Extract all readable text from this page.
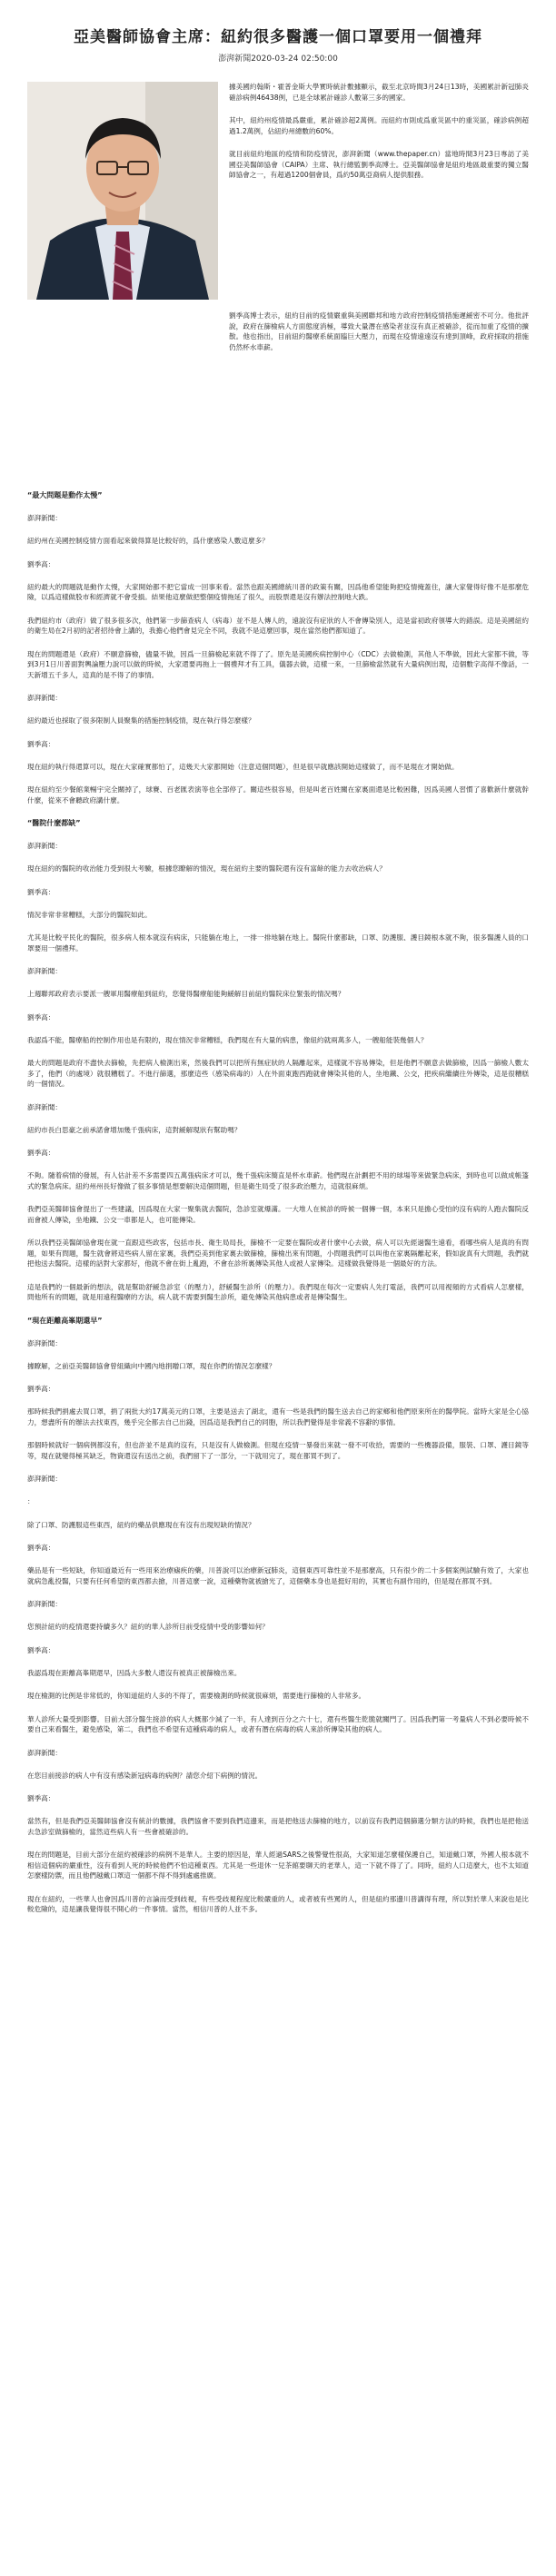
亞美醫師協會主席：紐約很多醫護一個口罩要用一個禮拜
澎湃新聞2020-03-24 02:50:00

據美國約翰斯・霍普金斯大學實時統計數據顯示，截至北京時間3月24日13時，美國累計新冠肺炎確診病例46438例，已是全球累計確診人數第三多的國家。

其中，紐約州疫情最爲嚴重，累計確診超2萬例。而紐約市則成爲重災區中的重災區，確診病例超過1.2萬例，佔紐約州總數的60%。

就目前紐約地區的疫情和防疫情況，澎湃新聞（www.thepaper.cn）當地時間3月23日專訪了美國亞美醫師協會（CAIPA）主席、執行總監劉季高博士。亞美醫師協會是紐約地區最重要的獨立醫師協會之一，有超過1200個會員，爲約50萬亞裔病人提供服務。

劉季高博士表示，紐約目前的疫情嚴重與美國聯邦和地方政府控制疫情措施遲緩密不可分。他批評說，政府在篩檢病人方面態度消極，導致大量潛在感染者並沒有真正被確診，從而加重了疫情的擴散。他也指出，目前紐約醫療系統面臨巨大壓力，而現在疫情遠遠沒有達到頂峰，政府採取的措施仍然杯水車薪。

“最大問題是動作太慢”
澎湃新聞：

紐約州在美國控制疫情方面看起來做得算是比較好的，爲什麼感染人數這麼多？

劉季高：

紐約最大的問題就是動作太慢，大家開始都不把它當成一回事來看。當然也跟美國總統川普的政策有關，因爲他希望能夠把疫情掩蓋住，讓大家覺得好像不是那麼危險，以爲這樣做股市和經濟就不會受損。結果他這麼做把整個疫情拖延了很久，而股票還是沒有辦法控制地大跌。

我們紐約市（政府）做了很多很多次，他們第一步篩查病人（病毒）並不是人傳人的，遠說沒有症狀的人不會傳染別人，這是當初政府領導大的錯誤。這是美國紐約的衛生局在2月初的記者招待會上講的，我擔心他們會見完全不同，我就不是這麼回事，現在當然他們都知道了。

現在的問題還是（政府）不願意篩檢，儘量不做，因爲一旦篩檢起來就不得了了。原先是美國疾病控制中心（CDC）去做檢測，其他人不準做，因此大家都不做，等到3月1日川普面對輿論壓力說可以做的時候，大家還要再拖上一個禮拜才有工具，儀器去做，這樣一來，一旦篩檢當然就有大量病例出現，這個數字高得不像話，一天新增五千多人，這真的是不得了的事情。

澎湃新聞：

紐約最近也採取了很多限制人員聚集的措施控制疫情，現在執行得怎麼樣？

劉季高：

現在紐約執行得還算可以，現在大家確實都怕了，這幾天大家都開始（注意這個問題），但是很早就應該開始這樣做了，而不是現在才開始做。

現在紐約至少餐館業暢宇完全關掉了，球賽、百老匯表演等也全部停了。關這些很容易，但是叫老百姓關在家裏面還是比較困難，因爲美國人習慣了喜歡新什麼就幹什麼，從來不會聽政府講什麼。

“醫院什麼都缺”
澎湃新聞：

現在紐約的醫院的收治能力受到很大考驗，根據您瞭解的情況，現在紐約主要的醫院還有沒有富餘的能力去收治病人？

劉季高：

情況非常非常糟糕，大部分的醫院如此。

尤其是比較平民化的醫院，很多病人根本就沒有病床，只能躺在地上，一排一排地躺在地上。醫院什麼都缺，口罩、防護服、護目鏡根本就不夠，很多醫護人員的口罩要用一個禮拜。

澎湃新聞：

上週聯邦政府表示要派一艘軍用醫療船到紐約，您覺得醫療船能夠緩解目前紐約醫院床位緊張的情況嗎？

劉季高：

我認爲不能，醫療船的控制作用也是有限的，現在情況非常糟糕，我們現在有大量的病患，像紐約就兩萬多人，一艘船能裝幾個人？

最大的問題是政府不盡快去篩檢，先把病人檢測出來，然後我們可以把所有無症狀的人隔離起來，這樣就不容易傳染，但是他們不願意去做篩檢，因爲一篩檢人數太多了，他們（的處境）就很糟糕了。不進行篩選，那麼這些（感染病毒的）人在外面東跑西跑就會傳染其他的人，坐地鐵、公交，把疾病繼續往外傳染，這是很糟糕的一個情況。

澎湃新聞：

紐約市長白思豪之前承諾會增加幾千張病床，這對緩解現狀有幫助嗎？

劉季高：

不夠。隨着病情的發展，有人估計差不多需要四五萬張病床才可以，幾千張病床簡直是杯水車薪。他們現在計劃把不用的球場等來做緊急病床，到時也可以做成帳篷式的緊急病床。紐約州州長好像做了很多事情是想要解決這個問題，但是衛生局受了很多政治壓力，這就很麻煩。

我們亞美醫師協會提出了一些建議，因爲現在大家一聚集就去醫院，急診室就爆滿。一大堆人在候診的時候一個傳一個，本來只是擔心受怕的沒有病的人跑去醫院反而會被人傳染，坐地鐵、公交一車都是人，也可能傳染。

所以我們亞美醫師協會現在就一直跟這些政客，包括市長、衛生局局長，篩檢不一定要在醫院或者什麼中心去做，病人可以先經過醫生遠看，看哪些病人是真的有問題，如果有問題，醫生就會將這些病人留在家裏，我們亞美到他家裏去做篩檢，篩檢出來有問題，小問題我們可以叫他在家裏隔離起來，假如說真有大問題，我們就把他送去醫院。這樣的話對大家都好，他就不會在街上亂跑，不會在診所裏傳染其他人或被人家傳染。這樣做我覺得是一個最好的方法。

這是我們的一個最新的想法，就是幫助舒緩急診室（的壓力），舒緩醫生診所（的壓力）。我們現在每次一定要病人先打電話，我們可以用視頻的方式看病人怎麼樣，問他所有的問題，就是用遠程醫療的方法，病人就不需要到醫生診所，避免傳染其他病患或者是傳染醫生。

“現在距離高峯期還早”
澎湃新聞：

據瞭解，之前亞美醫師協會曾組織向中國內地捐贈口罩，現在你們的情況怎麼樣？

劉季高：

那時候我們捐處去買口罩，捐了兩批大約17萬美元的口罩，主要是送去了湖北，還有一些是我們的醫生送去自己的家鄉和他們原來所在的醫學院。當時大家是全心協力，想盡所有的辦法去找東西，幾乎完全都去自己出錢，因爲這是我們自己的同胞，所以我們覺得是非常義不容辭的事情。

那個時候就好一個病例都沒有，但也許並不是真的沒有，只是沒有人做檢測。但現在疫情一暴發出來就一發不可收拾，需要的一些機器設備，服裝、口罩、護目鏡等等，現在就變得極其缺乏，物資還沒有送出之前，我們留下了一部分，一下就用完了，現在都買不到了。

澎湃新聞：

：

除了口罩、防護服這些東西，紐約的藥品供應現在有沒有出現短缺的情況？

劉季高：

藥品是有一些短缺，你知道最近有一些用來治療瘧疾的藥，川普說可以治療新冠肺炎，這個東西可靠性並不是那麼高，只有很少的二十多個案例試驗有效了，大家也就病急亂投醫，只要有任何希望的東西都去搶，川普這麼一說，這種藥物就被搶光了，這個藥本身也是挺好用的，其實也有副作用的，但是現在都買不到。

澎湃新聞：

您預計紐約的疫情還要持續多久？紐約的華人診所目前受疫情中受的影響如何？

劉季高：

我認爲現在距離高峯期還早，因爲大多數人還沒有被真正被篩檢出來。

現在檢測的比例是非常低的，你知道紐約人多的不得了，需要檢測的時候就很麻煩，需要進行篩檢的人非常多。

華人診所大量受到影響。目前大部分醫生接診的病人大概都少減了一半，有人達到百分之六十七，還有些醫生乾脆就關門了。因爲我們第一考量病人不到必要時候不要自己來看醫生，避免感染，第二，我們也不希望有這種病毒的病人，或者有潛在病毒的病人來診所傳染其他的病人。

澎湃新聞：

在您目前接診的病人中有沒有感染新冠病毒的病例？請您介紹下病例的情況。

劉季高：

當然有，但是我們亞美醫師協會沒有統計的數據，我們協會不要到我們這邊來，而是把他送去篩檢的地方，以前沒有我們這個篩選分類方法的時候，我們也是把他送去急診室做篩檢的，當然這些病人有一些會被確診的。

現在的問題是，目前大部分在紐約被確診的病例不是華人。主要的原因是，華人經過SARS之後警覺性很高，大家知道怎麼樣保護自己，知道戴口罩，外國人根本就不相信這個病的嚴重性，沒有看到人死的時候他們不怕這種東西。尤其是一些退休一兒茶館要聊天的老華人，這一下就不得了了。同時，紐約人口這麼大，也不太知道怎麼樣防禦，而且他們越戴口罩這一個都不得不得到處處推廣。

現在在紐約，一些華人也會因爲川普的言論而受到歧視，有些受歧視程度比較嚴重的人，或者被有些罵的人，但是紐約那邊川普講得有理，所以對於華人來說也是比較危險的，這是讓我覺得很不開心的一件事情。當然，相信川普的人並不多。
